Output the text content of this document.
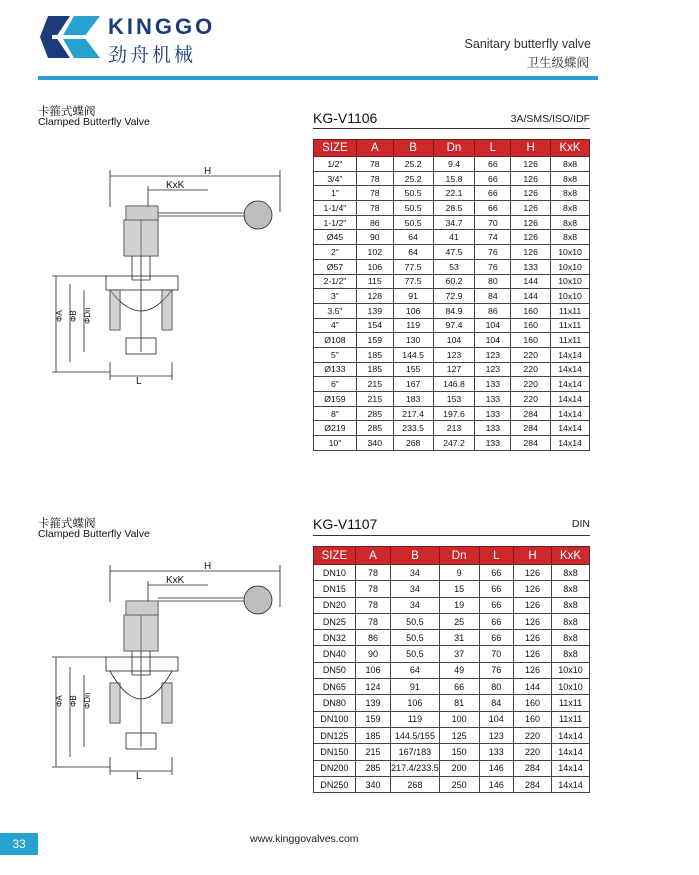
KINGGO
劲舟机械	Sanitary butterfly valve
卫生级蝶阀
卡箍式蝶阀
Clamped Butterfly Valve	KG-V1106	3A/SMS/ISO/IDF
H
KxK
L
ΦA ΦB ΦDn
SIZE	A	B	Dn	L	H	KxK
1/2"	78	25.2	9.4	66	126	8x8
3/4"	78	25.2	15.8	66	126	8x8
1"	78	50.5	22.1	66	126	8x8
1-1/4"	78	50.5	28.5	66	126	8x8
1-1/2"	86	50.5	34.7	70	126	8x8
Ø45	90	64	41	74	126	8x8
2"	102	64	47.5	76	126	10x10
Ø57	106	77.5	53	76	133	10x10
2-1/2"	115	77.5	60.2	80	144	10x10
3"	128	91	72.9	84	144	10x10
3.5"	139	106	84.9	86	160	11x11
4"	154	119	97.4	104	160	11x11
Ø108	159	130	104	104	160	11x11
5"	185	144.5	123	123	220	14x14
Ø133	185	155	127	123	220	14x14
6"	215	167	146.8	133	220	14x14
Ø159	215	183	153	133	220	14x14
8"	285	217.4	197.6	133	284	14x14
Ø219	285	233.5	213	133	284	14x14
10"	340	268	247.2	133	284	14x14
卡箍式蝶阀
Clamped Butterfly Valve
KG-V1107	DIN
H
KxK
L
ΦA ΦB ΦDn
SIZE	A	B	Dn	L	H	KxK
DN10	78	34	9	66	126	8x8
DN15	78	34	15	66	126	8x8
DN20	78	34	19	66	126	8x8
DN25	78	50.5	25	66	126	8x8
DN32	86	50.5	31	66	126	8x8
DN40	90	50.5	37	70	126	8x8
DN50	106	64	49	76	126	10x10
DN65	124	91	66	80	144	10x10
DN80	139	106	81	84	160	11x11
DN100	159	119	100	104	160	11x11
DN125	185	144.5/155	125	123	220	14x14
DN150	215	167/183	150	133	220	14x14
DN200	285	217.4/233.5	200	146	284	14x14
DN250	340	268	250	146	284	14x14
33	www.kinggovalves.com
